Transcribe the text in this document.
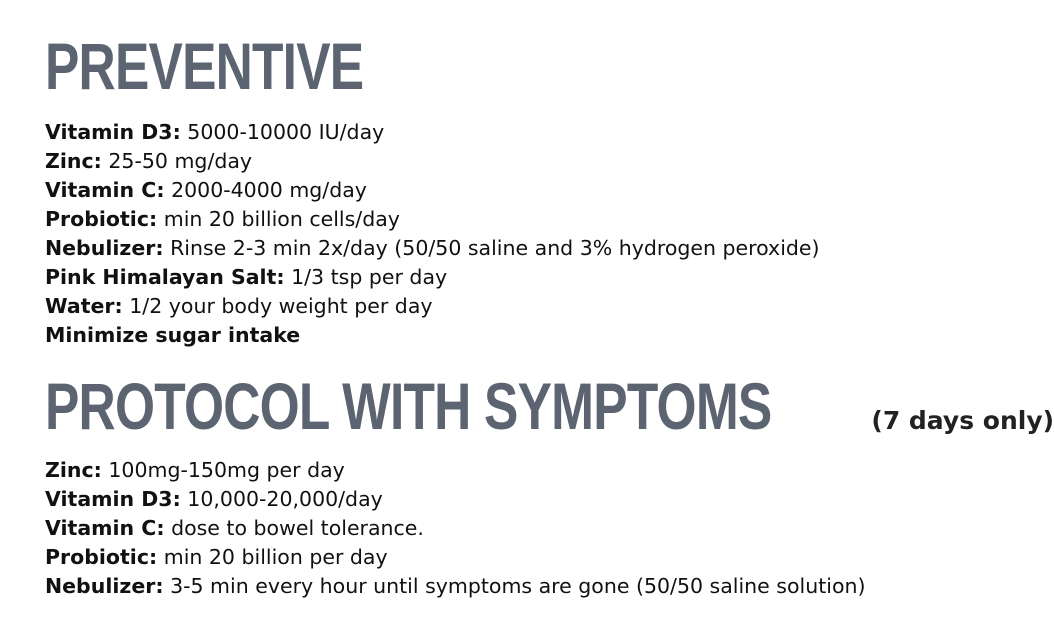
PREVENTIVE
Vitamin D3: 5000-10000 IU/day
Zinc: 25-50 mg/day
Vitamin C: 2000-4000 mg/day
Probiotic: min 20 billion cells/day
Nebulizer: Rinse 2-3 min 2x/day (50/50 saline and 3% hydrogen peroxide)
Pink Himalayan Salt: 1/3 tsp per day
Water: 1/2 your body weight per day
Minimize sugar intake
PROTOCOL WITH SYMPTOMS	(7 days only)
Zinc: 100mg-150mg per day
Vitamin D3: 10,000-20,000/day
Vitamin C: dose to bowel tolerance.
Probiotic: min 20 billion per day
Nebulizer: 3-5 min every hour until symptoms are gone (50/50 saline solution)
